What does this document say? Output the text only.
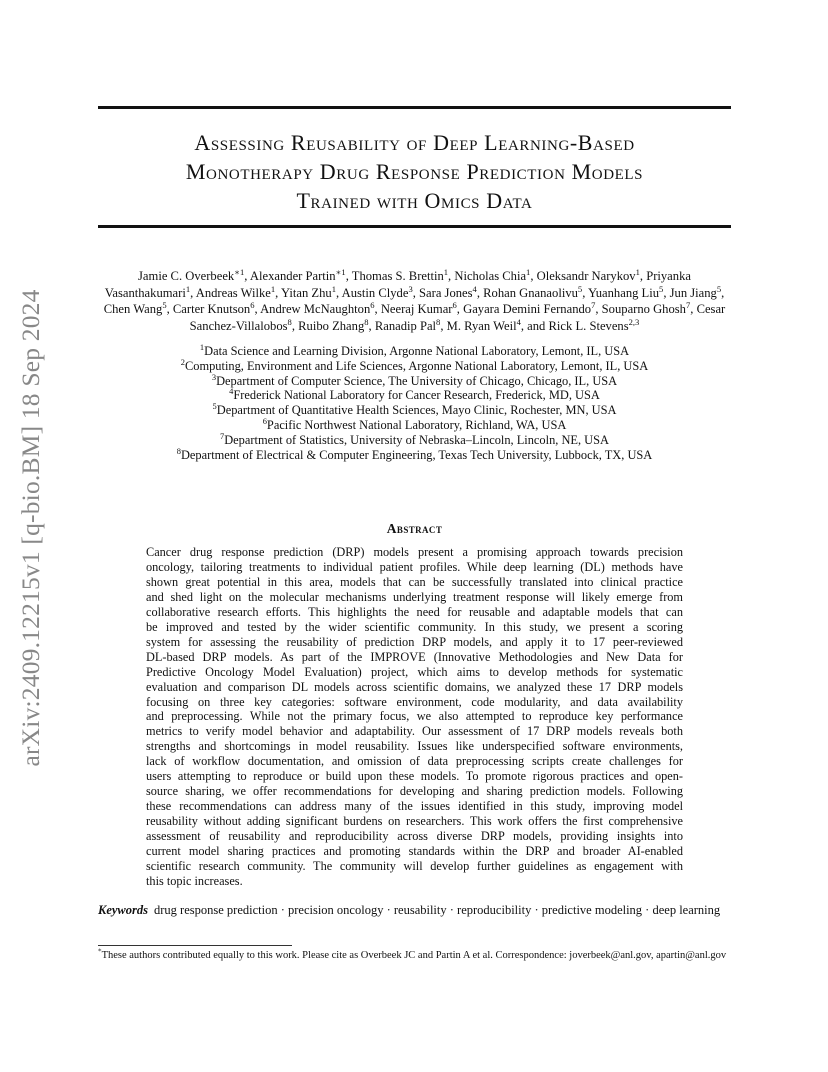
arXiv:2409.12215v1 [q-bio.BM] 18 Sep 2024
Assessing Reusability of Deep Learning-Based
Monotherapy Drug Response Prediction Models
Trained with Omics Data
Jamie C. Overbeek$^{∗1}$, Alexander Partin$^{∗1}$, Thomas S. Brettin$^1$, Nicholas Chia$^1$, Oleksandr Narykov$^1$, Priyanka Vasanthakumari$^1$, Andreas Wilke$^1$, Yitan Zhu$^1$, Austin Clyde$^3$, Sara Jones$^4$, Rohan Gnanaolivu$^5$, Yuanhang Liu$^5$, Jun Jiang$^5$, Chen Wang$^5$, Carter Knutson$^6$, Andrew McNaughton$^6$, Neeraj Kumar$^6$, Gayara Demini Fernando$^7$, Souparno Ghosh$^7$, Cesar Sanchez-Villalobos$^8$, Ruibo Zhang$^8$, Ranadip Pal$^8$, M. Ryan Weil$^4$, and Rick L. Stevens$^{2,3}$
$^1$Data Science and Learning Division, Argonne National Laboratory, Lemont, IL, USA
$^2$Computing, Environment and Life Sciences, Argonne National Laboratory, Lemont, IL, USA
$^3$Department of Computer Science, The University of Chicago, Chicago, IL, USA
$^4$Frederick National Laboratory for Cancer Research, Frederick, MD, USA
$^5$Department of Quantitative Health Sciences, Mayo Clinic, Rochester, MN, USA
$^6$Pacific Northwest National Laboratory, Richland, WA, USA
$^7$Department of Statistics, University of Nebraska–Lincoln, Lincoln, NE, USA
$^8$Department of Electrical & Computer Engineering, Texas Tech University, Lubbock, TX, USA
Abstract
Cancer drug response prediction (DRP) models present a promising approach towards precision
oncology, tailoring treatments to individual patient profiles. While deep learning (DL) methods have
shown great potential in this area, models that can be successfully translated into clinical practice
and shed light on the molecular mechanisms underlying treatment response will likely emerge from
collaborative research efforts. This highlights the need for reusable and adaptable models that can
be improved and tested by the wider scientific community. In this study, we present a scoring
system for assessing the reusability of prediction DRP models, and apply it to 17 peer-reviewed
DL-based DRP models. As part of the IMPROVE (Innovative Methodologies and New Data for
Predictive Oncology Model Evaluation) project, which aims to develop methods for systematic
evaluation and comparison DL models across scientific domains, we analyzed these 17 DRP models
focusing on three key categories: software environment, code modularity, and data availability
and preprocessing. While not the primary focus, we also attempted to reproduce key performance
metrics to verify model behavior and adaptability. Our assessment of 17 DRP models reveals both
strengths and shortcomings in model reusability. Issues like underspecified software environments,
lack of workflow documentation, and omission of data preprocessing scripts create challenges for
users attempting to reproduce or build upon these models. To promote rigorous practices and open-
source sharing, we offer recommendations for developing and sharing prediction models. Following
these recommendations can address many of the issues identified in this study, improving model
reusability without adding significant burdens on researchers. This work offers the first comprehensive
assessment of reusability and reproducibility across diverse DRP models, providing insights into
current model sharing practices and promoting standards within the DRP and broader AI-enabled
scientific research community. The community will develop further guidelines as engagement with
this topic increases.
Keywords drug response prediction · precision oncology · reusability · reproducibility · predictive modeling · deep learning
*These authors contributed equally to this work. Please cite as Overbeek JC and Partin A et al. Correspondence: joverbeek@anl.gov, apartin@anl.gov
